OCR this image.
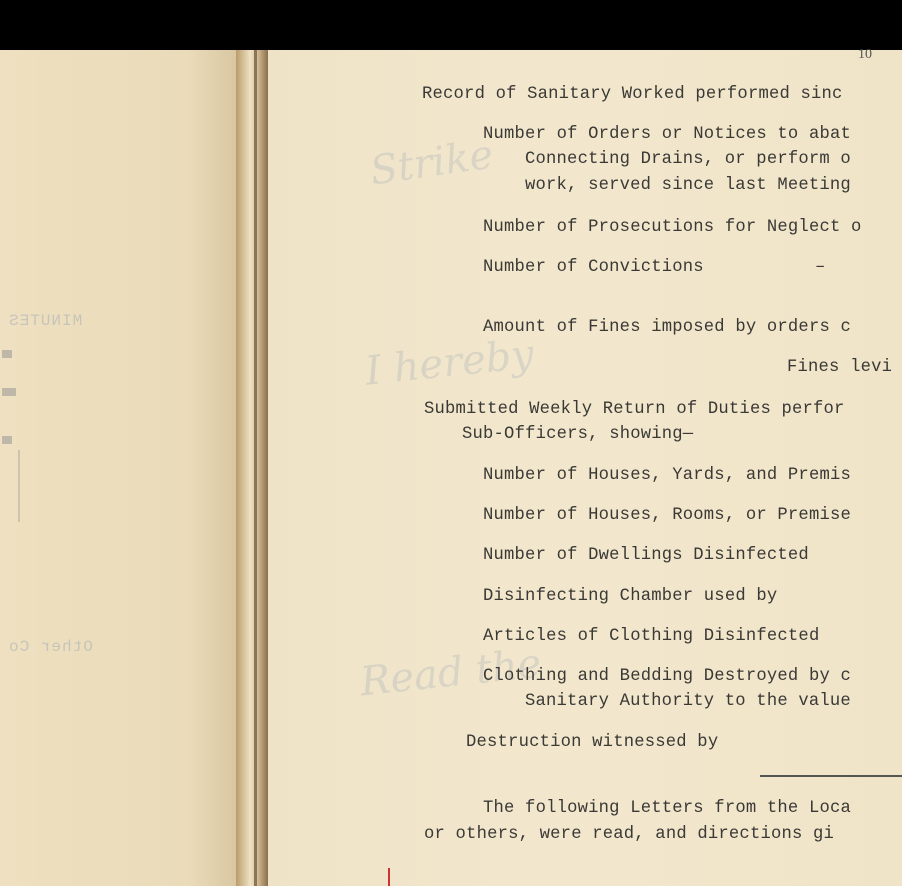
MINUTES
Other Co
Strike
I hereby
Read the
10
Record of Sanitary Worked performed sinc
Number of Orders or Notices to abat
Connecting Drains, or perform o
work, served since last Meeting
Number of Prosecutions for Neglect o
Number of Convictions	–
Amount of Fines imposed by orders c
Fines levi
Submitted Weekly Return of Duties perfor
Sub-Officers, showing—
Number of Houses, Yards, and Premis
Number of Houses, Rooms, or Premise
Number of Dwellings Disinfected
Disinfecting Chamber used by
Articles of Clothing Disinfected
Clothing and Bedding Destroyed by c
Sanitary Authority to the value
Destruction witnessed by
The following Letters from the Loca
or others, were read, and directions gi
